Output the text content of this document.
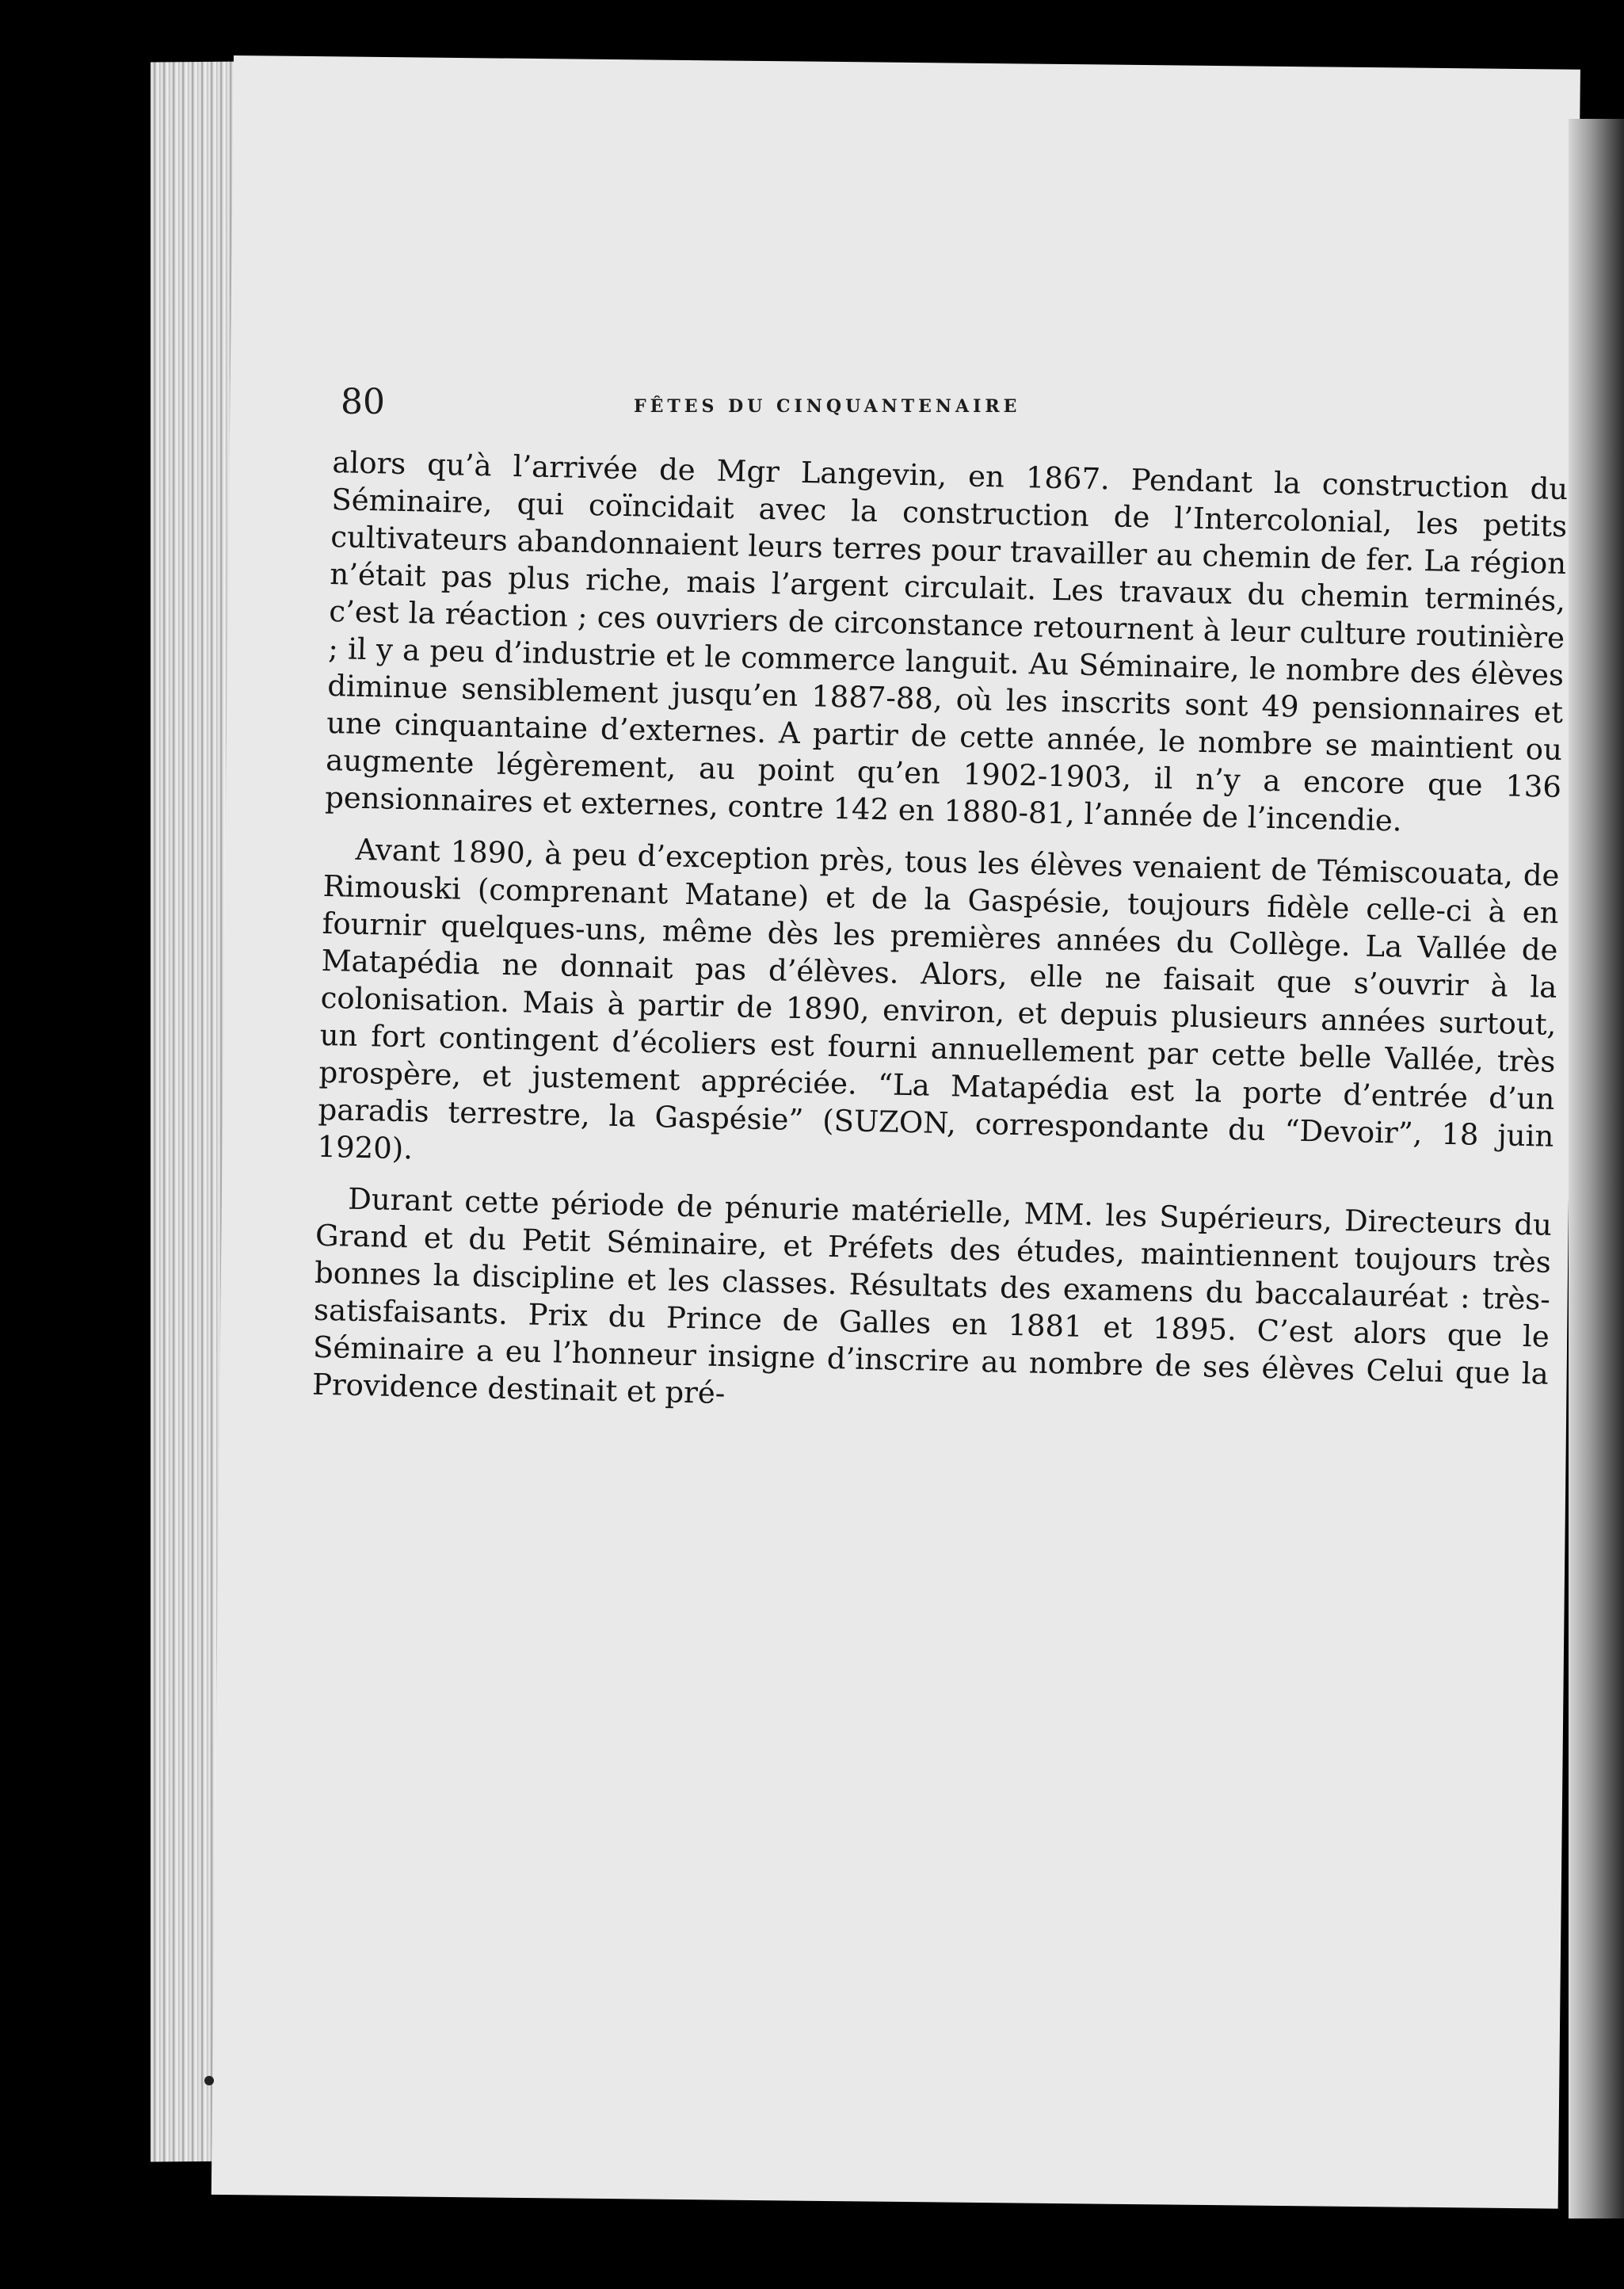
80	FÊTES DU CINQUANTENAIRE

alors qu’à l’arrivée de Mgr Langevin, en 1867. Pendant la construction du Séminaire, qui coïncidait avec la construction de l’Intercolonial, les petits cultivateurs abandonnaient leurs terres pour travailler au chemin de fer. La région n’était pas plus riche, mais l’argent circulait. Les travaux du chemin terminés, c’est la réaction ; ces ouvriers de circonstance retournent à leur culture routinière ; il y a peu d’industrie et le commerce languit. Au Séminaire, le nombre des élèves diminue sensiblement jusqu’en 1887-88, où les inscrits sont 49 pensionnaires et une cinquantaine d’externes. A partir de cette année, le nombre se maintient ou augmente légèrement, au point qu’en 1902-1903, il n’y a encore que 136 pensionnaires et externes, contre 142 en 1880-81, l’année de l’incendie.

Avant 1890, à peu d’exception près, tous les élèves venaient de Témiscouata, de Rimouski (comprenant Matane) et de la Gaspésie, toujours fidèle celle-ci à en fournir quelques-uns, même dès les premières années du Collège. La Vallée de Matapédia ne donnait pas d’élèves. Alors, elle ne faisait que s’ouvrir à la colonisation. Mais à partir de 1890, environ, et depuis plusieurs années surtout, un fort contingent d’écoliers est fourni annuellement par cette belle Vallée, très prospère, et justement appréciée. “La Matapédia est la porte d’entrée d’un paradis terrestre, la Gaspésie” (SUZON, correspondante du “Devoir”, 18 juin 1920).

Durant cette période de pénurie matérielle, MM. les Supérieurs, Directeurs du Grand et du Petit Séminaire, et Préfets des études, maintiennent toujours très bonnes la discipline et les classes. Résultats des examens du baccalauréat : très-satisfaisants. Prix du Prince de Galles en 1881 et 1895. C’est alors que le Séminaire a eu l’honneur insigne d’inscrire au nombre de ses élèves Celui que la Providence destinait et pré-
